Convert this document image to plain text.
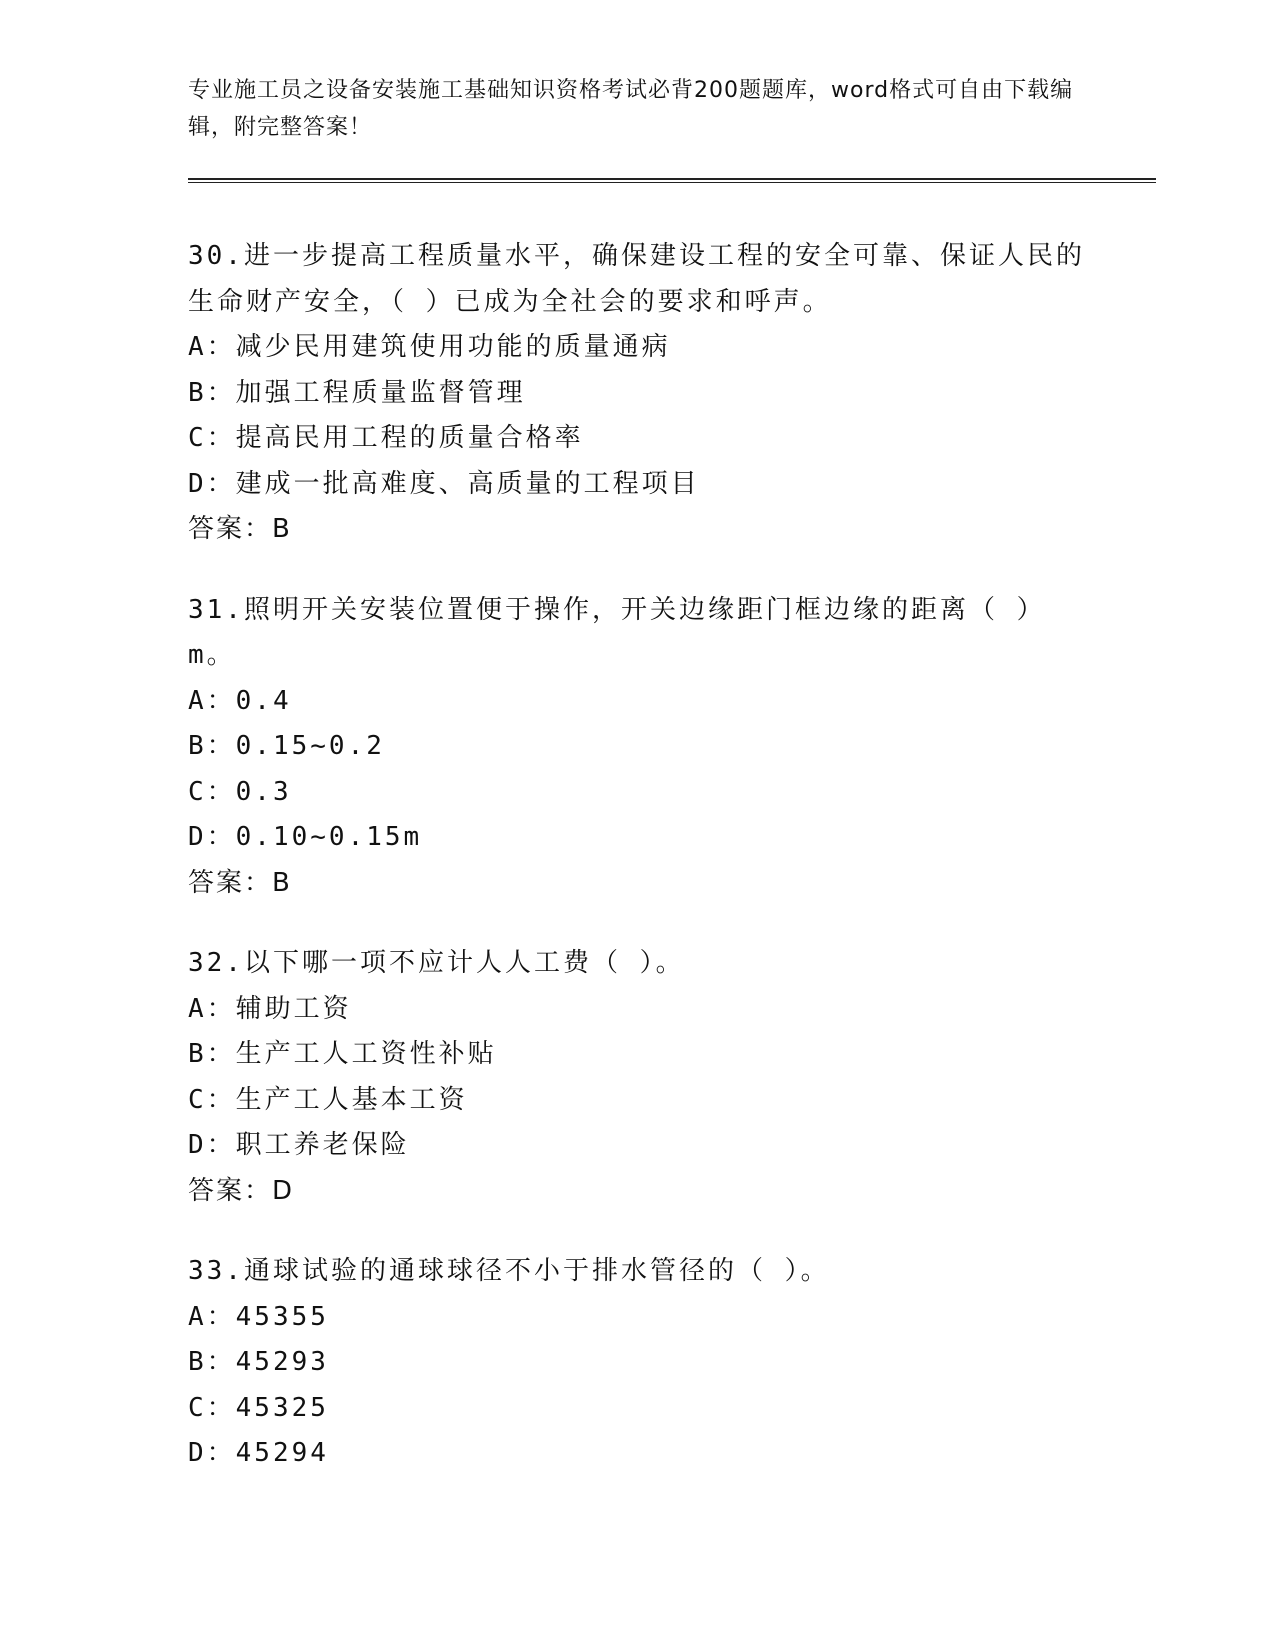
专业施工员之设备安装施工基础知识资格考试必背200题题库，word格式可自由下载编辑，附完整答案！
30.进一步提高工程质量水平，确保建设工程的安全可靠、保证人民的生命财产安全，（ ）已成为全社会的要求和呼声。
A：减少民用建筑使用功能的质量通病
B：加强工程质量监督管理
C：提高民用工程的质量合格率
D：建成一批高难度、高质量的工程项目
答案：B
31.照明开关安装位置便于操作，开关边缘距门框边缘的距离（ ）m。
A：0.4
B：0.15~0.2
C：0.3
D：0.10~0.15m
答案：B
32.以下哪一项不应计人人工费（ ）。
A：辅助工资
B：生产工人工资性补贴
C：生产工人基本工资
D：职工养老保险
答案：D
33.通球试验的通球球径不小于排水管径的（ ）。
A：45355
B：45293
C：45325
D：45294
